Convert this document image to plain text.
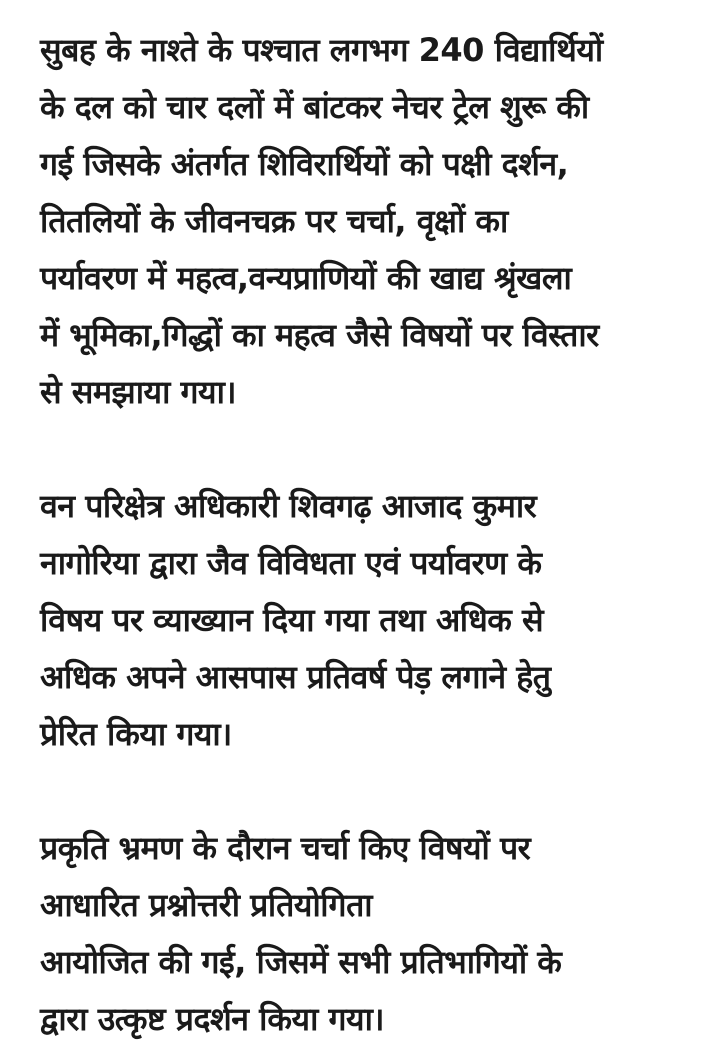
सुबह के नाश्ते के पश्चात लगभग 240 विद्यार्थियों
के दल को चार दलों में बांटकर नेचर ट्रेल शुरू की
गई जिसके अंतर्गत शिविरार्थियों को पक्षी दर्शन,
तितलियों के जीवनचक्र पर चर्चा, वृक्षों का
पर्यावरण में महत्व,वन्यप्राणियों की खाद्य श्रृंखला
में भूमिका,गिद्धों का महत्व जैसे विषयों पर विस्तार
से समझाया गया।

वन परिक्षेत्र अधिकारी शिवगढ़ आजाद कुमार
नागोरिया द्वारा जैव विविधता एवं पर्यावरण के
विषय पर व्याख्यान दिया गया तथा अधिक से
अधिक अपने आसपास प्रतिवर्ष पेड़ लगाने हेतु
प्रेरित किया गया।

प्रकृति भ्रमण के दौरान चर्चा किए विषयों पर
आधारित प्रश्नोत्तरी प्रतियोगिता
आयोजित की गई, जिसमें सभी प्रतिभागियों के
द्वारा उत्कृष्ट प्रदर्शन किया गया।
